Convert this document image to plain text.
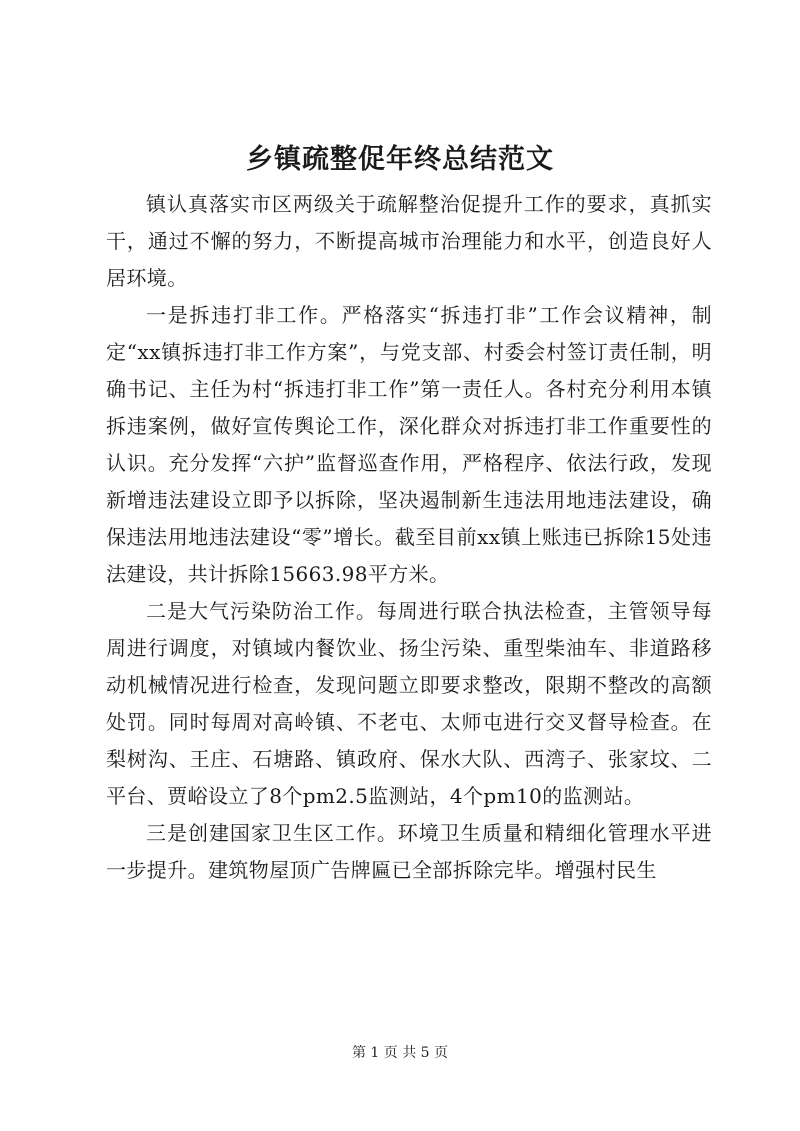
乡镇疏整促年终总结范文

镇认真落实市区两级关于疏解整治促提升工作的要求，真抓实干，通过不懈的努力，不断提高城市治理能力和水平，创造良好人居环境。

一是拆违打非工作。严格落实“拆违打非”工作会议精神，制定“xx镇拆违打非工作方案”，与党支部、村委会村签订责任制，明确书记、主任为村“拆违打非工作”第一责任人。各村充分利用本镇拆违案例，做好宣传舆论工作，深化群众对拆违打非工作重要性的认识。充分发挥“六护”监督巡查作用，严格程序、依法行政，发现新增违法建设立即予以拆除，坚决遏制新生违法用地违法建设，确保违法用地违法建设“零”增长。截至目前xx镇上账违已拆除15处违法建设，共计拆除15663.98平方米。

二是大气污染防治工作。每周进行联合执法检查，主管领导每周进行调度，对镇域内餐饮业、扬尘污染、重型柴油车、非道路移动机械情况进行检查，发现问题立即要求整改，限期不整改的高额处罚。同时每周对高岭镇、不老屯、太师屯进行交叉督导检查。在梨树沟、王庄、石塘路、镇政府、保水大队、西湾子、张家坟、二平台、贾峪设立了8个pm2.5监测站，4个pm10的监测站。

三是创建国家卫生区工作。环境卫生质量和精细化管理水平进一步提升。建筑物屋顶广告牌匾已全部拆除完毕。增强村民生

第 1 页 共 5 页
